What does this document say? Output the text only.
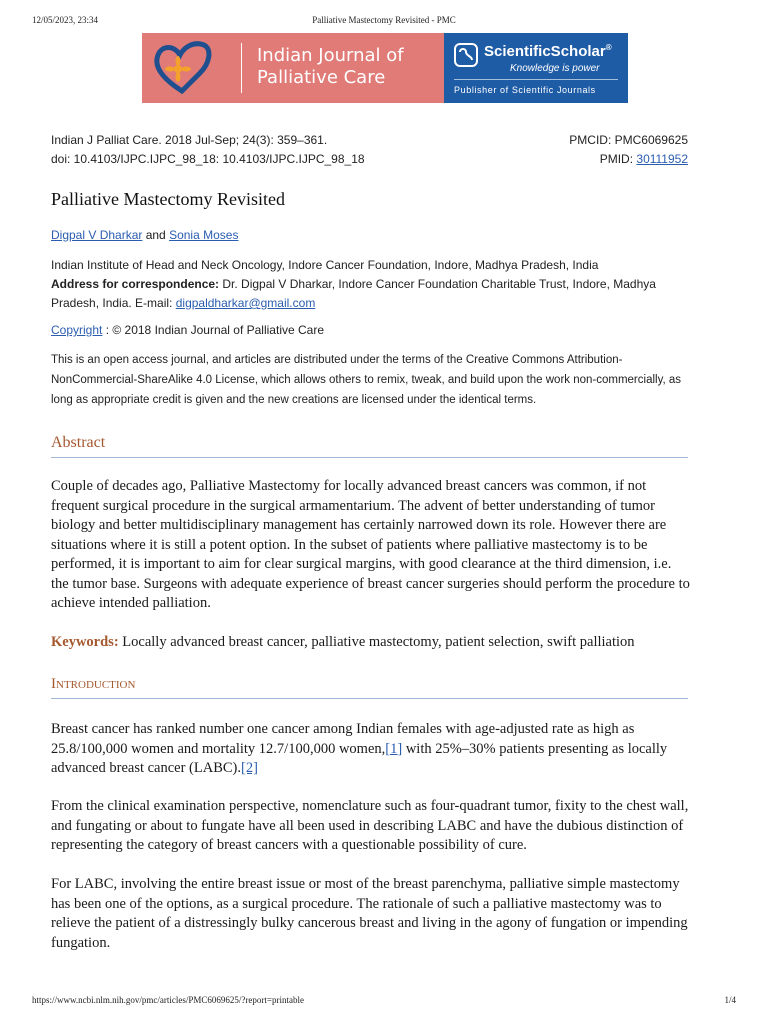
12/05/2023, 23:34	Palliative Mastectomy Revisited - PMC
Indian Journal of
Palliative Care
ScientificScholar®
Knowledge is power
Publisher of Scientific Journals
Indian J Palliat Care. 2018 Jul-Sep; 24(3): 359–361.
doi: 10.4103/IJPC.IJPC_98_18: 10.4103/IJPC.IJPC_98_18
PMCID: PMC6069625
PMID: 30111952
Palliative Mastectomy Revisited
Digpal V Dharkar and Sonia Moses
Indian Institute of Head and Neck Oncology, Indore Cancer Foundation, Indore, Madhya Pradesh, India
Address for correspondence: Dr. Digpal V Dharkar, Indore Cancer Foundation Charitable Trust, Indore, Madhya Pradesh, India. E-mail: digpaldharkar@gmail.com
Copyright : © 2018 Indian Journal of Palliative Care
This is an open access journal, and articles are distributed under the terms of the Creative Commons Attribution-NonCommercial-ShareAlike 4.0 License, which allows others to remix, tweak, and build upon the work non-commercially, as long as appropriate credit is given and the new creations are licensed under the identical terms.
Abstract
Couple of decades ago, Palliative Mastectomy for locally advanced breast cancers was common, if not frequent surgical procedure in the surgical armamentarium. The advent of better understanding of tumor biology and better multidisciplinary management has certainly narrowed down its role. However there are situations where it is still a potent option. In the subset of patients where palliative mastectomy is to be performed, it is important to aim for clear surgical margins, with good clearance at the third dimension, i.e. the tumor base. Surgeons with adequate experience of breast cancer surgeries should perform the procedure to achieve intended palliation.
Keywords: Locally advanced breast cancer, palliative mastectomy, patient selection, swift palliation
Introduction
Breast cancer has ranked number one cancer among Indian females with age-adjusted rate as high as 25.8/100,000 women and mortality 12.7/100,000 women,[1] with 25%–30% patients presenting as locally advanced breast cancer (LABC).[2]
From the clinical examination perspective, nomenclature such as four-quadrant tumor, fixity to the chest wall, and fungating or about to fungate have all been used in describing LABC and have the dubious distinction of representing the category of breast cancers with a questionable possibility of cure.
For LABC, involving the entire breast issue or most of the breast parenchyma, palliative simple mastectomy has been one of the options, as a surgical procedure. The rationale of such a palliative mastectomy was to relieve the patient of a distressingly bulky cancerous breast and living in the agony of fungation or impending fungation.
https://www.ncbi.nlm.nih.gov/pmc/articles/PMC6069625/?report=printable	1/4
